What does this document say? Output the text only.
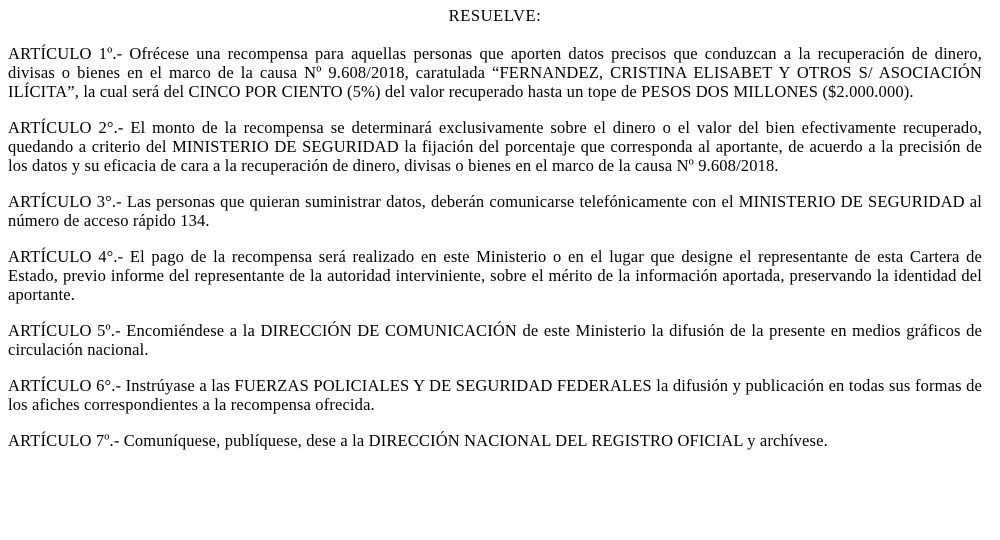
RESUELVE:

ARTÍCULO 1º.- Ofrécese una recompensa para aquellas personas que aporten datos precisos que conduzcan a la recuperación de dinero, divisas o bienes en el marco de la causa Nº 9.608/2018, caratulada “FERNANDEZ, CRISTINA ELISABET Y OTROS S/ ASOCIACIÓN ILÍCITA”, la cual será del CINCO POR CIENTO (5%) del valor recuperado hasta un tope de PESOS DOS MILLONES ($2.000.000).

ARTÍCULO 2°.- El monto de la recompensa se determinará exclusivamente sobre el dinero o el valor del bien efectivamente recuperado, quedando a criterio del MINISTERIO DE SEGURIDAD la fijación del porcentaje que corresponda al aportante, de acuerdo a la precisión de los datos y su eficacia de cara a la recuperación de dinero, divisas o bienes en el marco de la causa Nº 9.608/2018.

ARTÍCULO 3°.- Las personas que quieran suministrar datos, deberán comunicarse telefónicamente con el MINISTERIO DE SEGURIDAD al número de acceso rápido 134.

ARTÍCULO 4°.- El pago de la recompensa será realizado en este Ministerio o en el lugar que designe el representante de esta Cartera de Estado, previo informe del representante de la autoridad interviniente, sobre el mérito de la información aportada, preservando la identidad del aportante.

ARTÍCULO 5º.- Encomiéndese a la DIRECCIÓN DE COMUNICACIÓN de este Ministerio la difusión de la presente en medios gráficos de circulación nacional.

ARTÍCULO 6°.- Instrúyase a las FUERZAS POLICIALES Y DE SEGURIDAD FEDERALES la difusión y publicación en todas sus formas de los afiches correspondientes a la recompensa ofrecida.

ARTÍCULO 7º.- Comuníquese, publíquese, dese a la DIRECCIÓN NACIONAL DEL REGISTRO OFICIAL y archívese.
